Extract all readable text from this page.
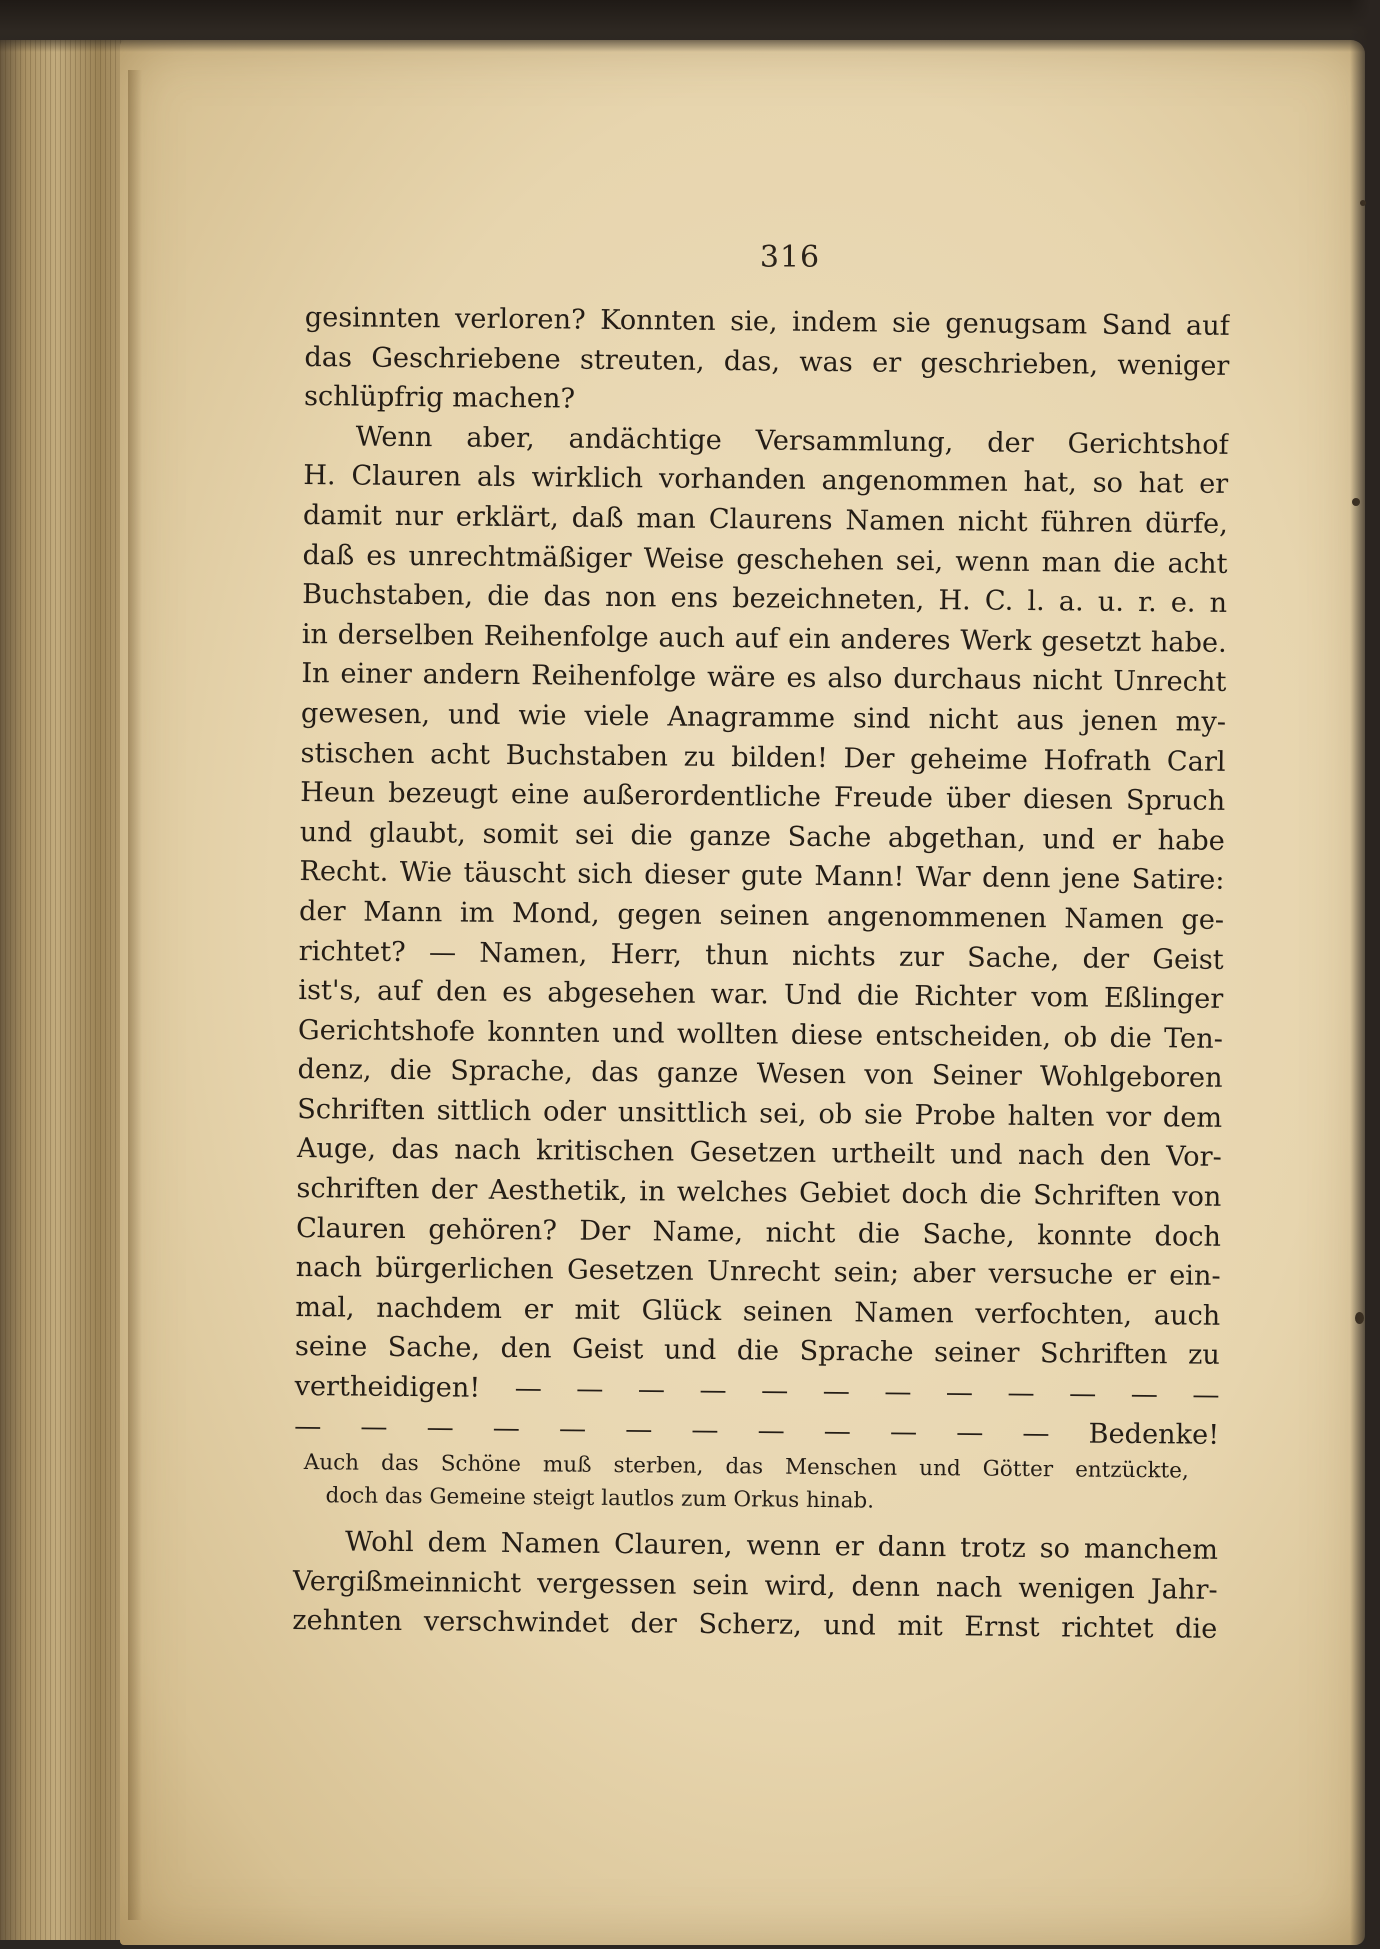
316
gesinnten verloren? Konnten sie, indem sie genugsam Sand auf
das Geschriebene streuten, das, was er geschrieben, weniger
schlüpfrig machen?
Wenn aber, andächtige Versammlung, der Gerichtshof
H. Clauren als wirklich vorhanden angenommen hat, so hat er
damit nur erklärt, daß man Claurens Namen nicht führen dürfe,
daß es unrechtmäßiger Weise geschehen sei, wenn man die acht
Buchstaben, die das non ens bezeichneten, H. C. l. a. u. r. e. n
in derselben Reihenfolge auch auf ein anderes Werk gesetzt habe.
In einer andern Reihenfolge wäre es also durchaus nicht Unrecht
gewesen, und wie viele Anagramme sind nicht aus jenen my-
stischen acht Buchstaben zu bilden! Der geheime Hofrath Carl
Heun bezeugt eine außerordentliche Freude über diesen Spruch
und glaubt, somit sei die ganze Sache abgethan, und er habe
Recht. Wie täuscht sich dieser gute Mann! War denn jene Satire:
der Mann im Mond, gegen seinen angenommenen Namen ge-
richtet? — Namen, Herr, thun nichts zur Sache, der Geist
ist's, auf den es abgesehen war. Und die Richter vom Eßlinger
Gerichtshofe konnten und wollten diese entscheiden, ob die Ten-
denz, die Sprache, das ganze Wesen von Seiner Wohlgeboren
Schriften sittlich oder unsittlich sei, ob sie Probe halten vor dem
Auge, das nach kritischen Gesetzen urtheilt und nach den Vor-
schriften der Aesthetik, in welches Gebiet doch die Schriften von
Clauren gehören? Der Name, nicht die Sache, konnte doch
nach bürgerlichen Gesetzen Unrecht sein; aber versuche er ein-
mal, nachdem er mit Glück seinen Namen verfochten, auch
seine Sache, den Geist und die Sprache seiner Schriften zu
vertheidigen! — — — — — — — — — — — —
— — — — — — — — — — — — Bedenke!
Auch das Schöne muß sterben, das Menschen und Götter entzückte,
doch das Gemeine steigt lautlos zum Orkus hinab.
Wohl dem Namen Clauren, wenn er dann trotz so manchem
Vergißmeinnicht vergessen sein wird, denn nach wenigen Jahr-
zehnten verschwindet der Scherz, und mit Ernst richtet die
